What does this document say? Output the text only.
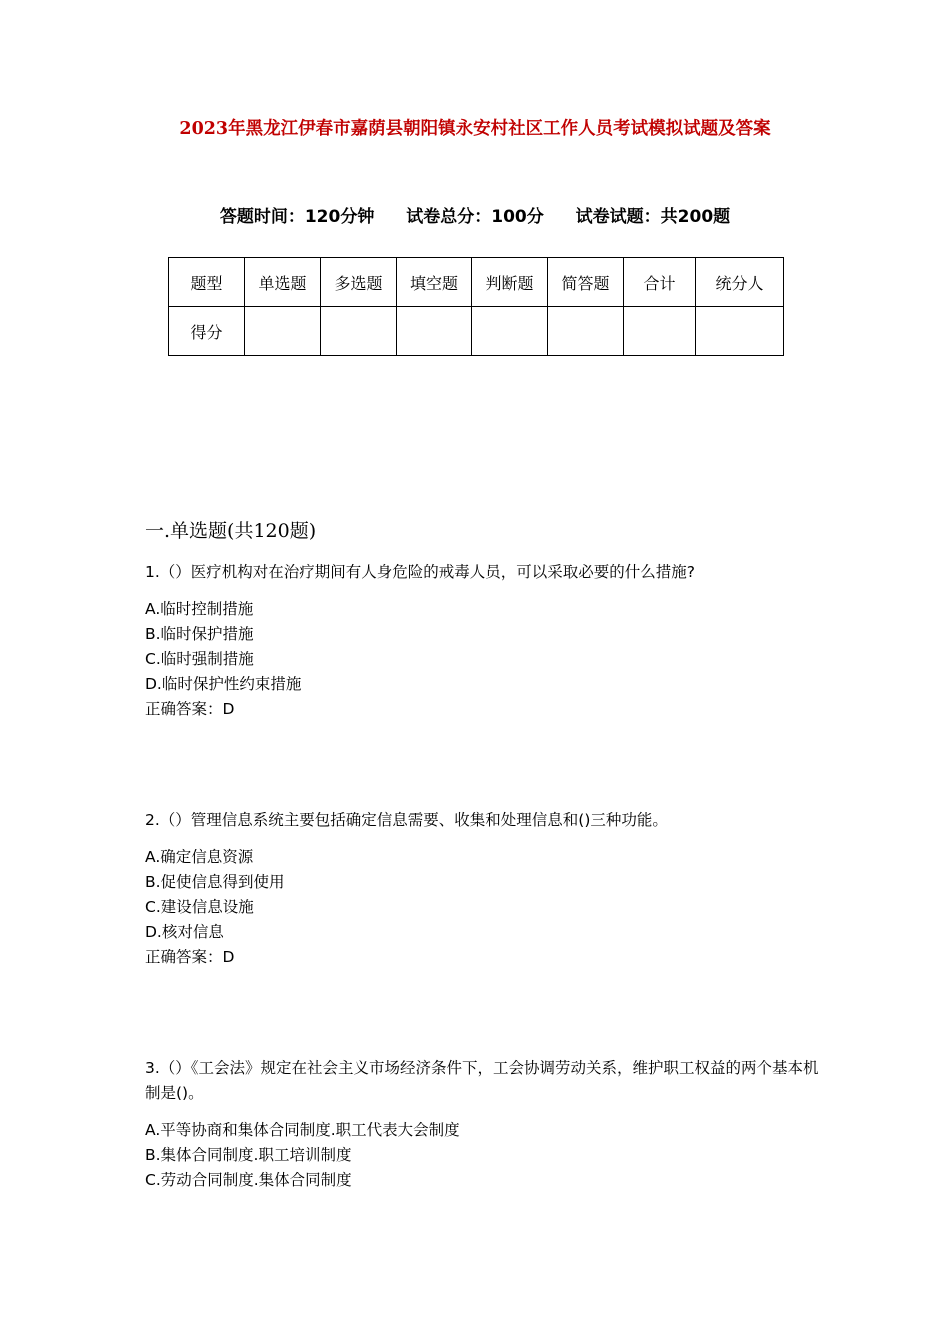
2023年黑龙江伊春市嘉荫县朝阳镇永安村社区工作人员考试模拟试题及答案
答题时间：120分钟 试卷总分：100分 试卷试题：共200题
题型	单选题	多选题	填空题	判断题	简答题	合计	统分人
得分							
一.单选题(共120题)

1.（）医疗机构对在治疗期间有人身危险的戒毒人员，可以采取必要的什么措施?

A.临时控制措施

B.临时保护措施

C.临时强制措施

D.临时保护性约束措施

正确答案：D

2.（）管理信息系统主要包括确定信息需要、收集和处理信息和()三种功能。

A.确定信息资源

B.促使信息得到使用

C.建设信息设施

D.核对信息

正确答案：D

3.（）《工会法》规定在社会主义市场经济条件下，工会协调劳动关系，维护职工权益的两个基本机制是()。

A.平等协商和集体合同制度.职工代表大会制度

B.集体合同制度.职工培训制度

C.劳动合同制度.集体合同制度
